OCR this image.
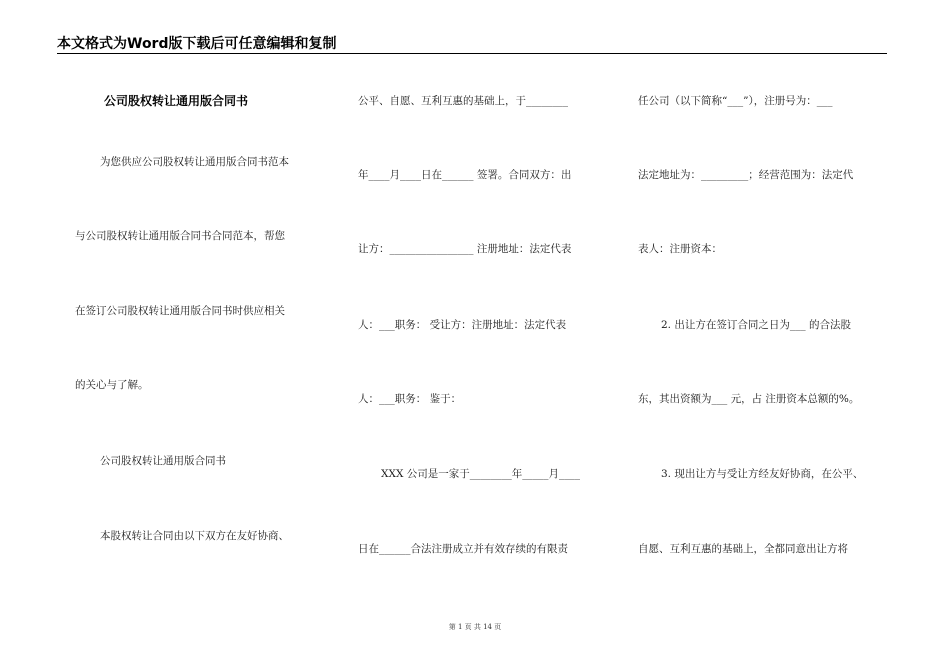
本文格式为Word版下载后可任意编辑和复制
公司股权转让通用版合同书
为您供应公司股权转让通用版合同书范本
与公司股权转让通用版合同书合同范本，帮您
在签订公司股权转让通用版合同书时供应相关
的关心与了解。
公司股权转让通用版合同书
本股权转让合同由以下双方在友好协商、
公平、自愿、互利互惠的基础上，于________
年____月____日在______ 签署。合同双方：出
让方：________________ 注册地址：法定代表
人：___职务： 受让方：注册地址：法定代表
人：___职务： 鉴于：
XXX 公司是一家于________年_____月____
日在______合法注册成立并有效存续的有限责
任公司（以下简称“___”），注册号为：___
法定地址为：_________；经营范围为：法定代
表人：注册资本：
2. 出让方在签订合同之日为___ 的合法股
东，其出资额为___ 元，占 注册资本总额的%。
3. 现出让方与受让方经友好协商，在公平、
自愿、互利互惠的基础上，全都同意出让方将
第 1 页 共 14 页
